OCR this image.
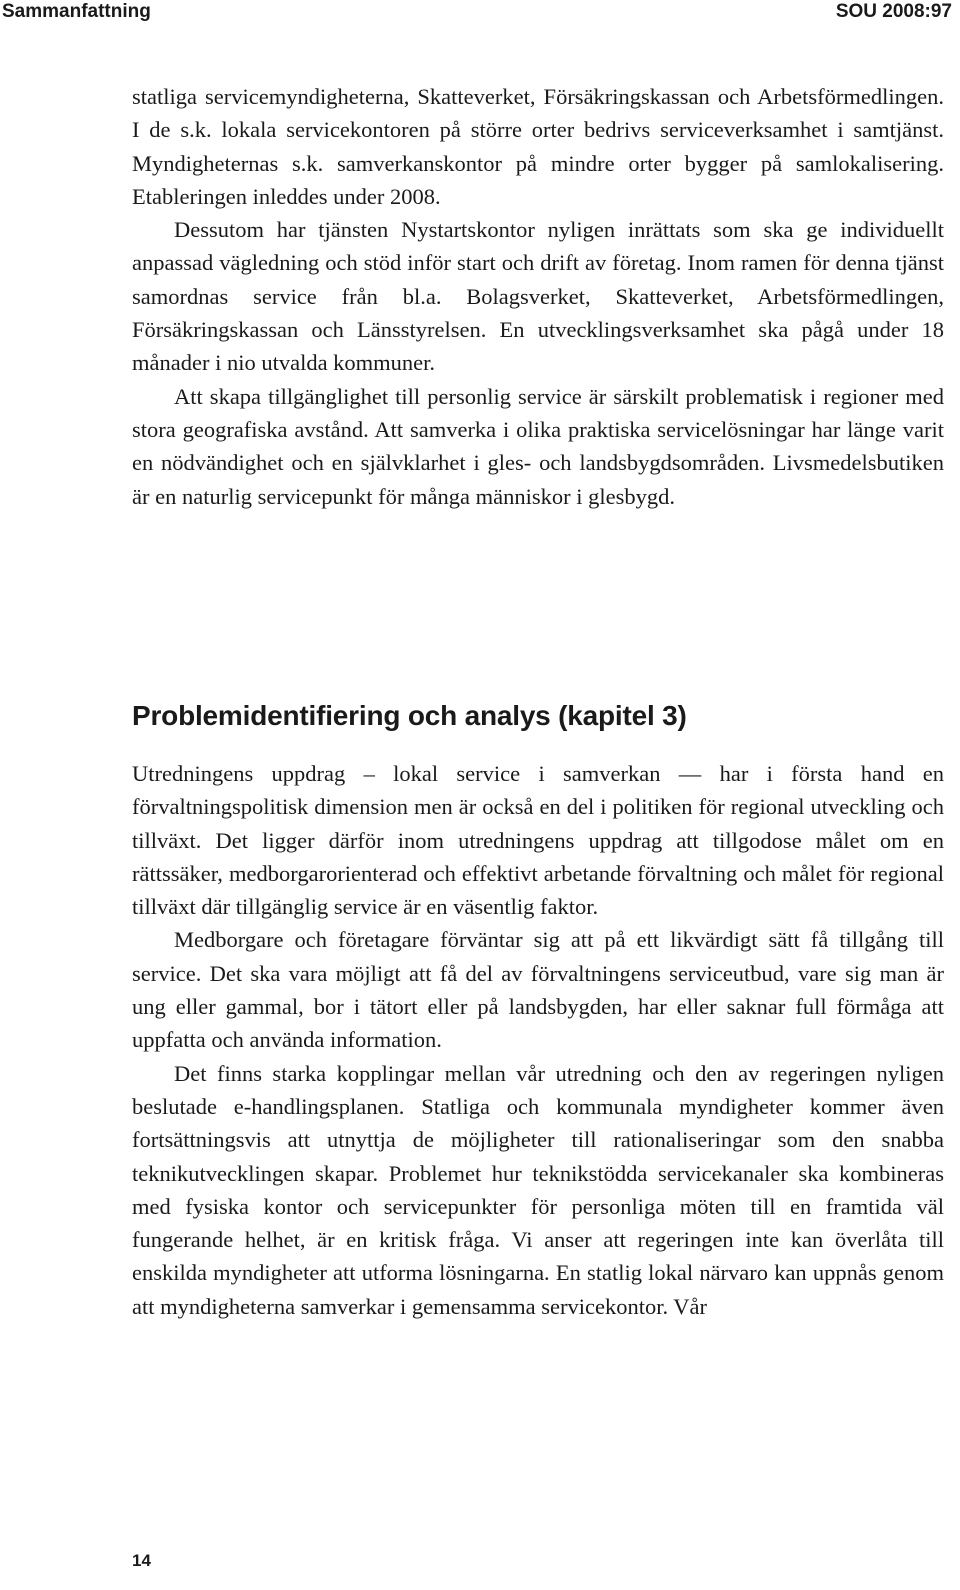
Sammanfattning	SOU 2008:97

statliga servicemyndigheterna, Skatteverket, Försäkringskassan och Arbetsförmedlingen. I de s.k. lokala servicekontoren på större orter bedrivs serviceverksamhet i samtjänst. Myndigheternas s.k. samverkanskontor på mindre orter bygger på samlokalisering. Etableringen inleddes under 2008.

Dessutom har tjänsten Nystartskontor nyligen inrättats som ska ge individuellt anpassad vägledning och stöd inför start och drift av företag. Inom ramen för denna tjänst samordnas service från bl.a. Bolagsverket, Skatteverket, Arbetsförmedlingen, Försäkringskassan och Länsstyrelsen. En utvecklingsverksamhet ska pågå under 18 månader i nio utvalda kommuner.

Att skapa tillgänglighet till personlig service är särskilt problematisk i regioner med stora geografiska avstånd. Att samverka i olika praktiska servicelösningar har länge varit en nödvändighet och en självklarhet i gles- och landsbygdsområden. Livsmedelsbutiken är en naturlig servicepunkt för många människor i glesbygd.

Problemidentifiering och analys (kapitel 3)

Utredningens uppdrag – lokal service i samverkan — har i första hand en förvaltningspolitisk dimension men är också en del i politiken för regional utveckling och tillväxt. Det ligger därför inom utredningens uppdrag att tillgodose målet om en rättssäker, medborgarorienterad och effektivt arbetande förvaltning och målet för regional tillväxt där tillgänglig service är en väsentlig faktor.

Medborgare och företagare förväntar sig att på ett likvärdigt sätt få tillgång till service. Det ska vara möjligt att få del av förvaltningens serviceutbud, vare sig man är ung eller gammal, bor i tätort eller på landsbygden, har eller saknar full förmåga att uppfatta och använda information.

Det finns starka kopplingar mellan vår utredning och den av regeringen nyligen beslutade e-handlingsplanen. Statliga och kommunala myndigheter kommer även fortsättningsvis att utnyttja de möjligheter till rationaliseringar som den snabba teknikutvecklingen skapar. Problemet hur teknikstödda servicekanaler ska kombineras med fysiska kontor och servicepunkter för personliga möten till en framtida väl fungerande helhet, är en kritisk fråga. Vi anser att regeringen inte kan överlåta till enskilda myndigheter att utforma lösningarna. En statlig lokal närvaro kan uppnås genom att myndigheterna samverkar i gemensamma servicekontor. Vår

14
